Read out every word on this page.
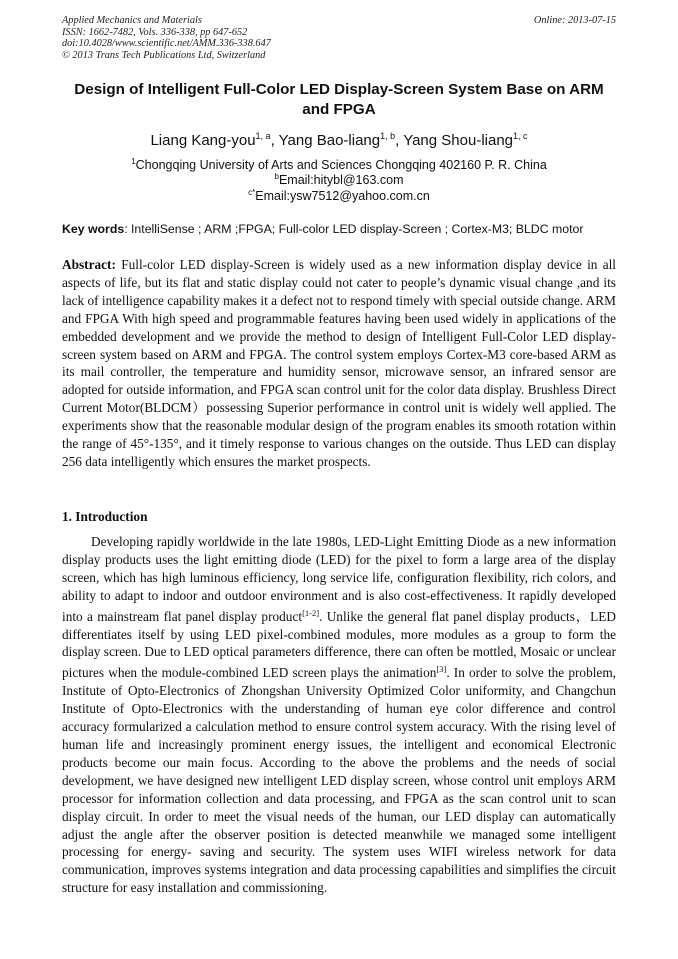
Applied Mechanics and Materials
ISSN: 1662-7482, Vols. 336-338, pp 647-652
doi:10.4028/www.scientific.net/AMM.336-338.647
© 2013 Trans Tech Publications Ltd, Switzerland
Online: 2013-07-15
Design of Intelligent Full-Color LED Display-Screen System Base on ARM and FPGA
Liang Kang-you$^{1, a}$, Yang Bao-liang$^{1, b}$, Yang Shou-liang$^{1, c}$
$^1$Chongqing University of Arts and Sciences Chongqing 402160 P. R. China
$^b$Email:hitybl@163.com
$^{c*}$Email:ysw7512@yahoo.com.cn
Key words: IntelliSense ; ARM ;FPGA; Full-color LED display-Screen ; Cortex-M3; BLDC motor
Abstract: Full-color LED display-Screen is widely used as a new information display device in all aspects of life, but its flat and static display could not cater to people’s dynamic visual change ,and its lack of intelligence capability makes it a defect not to respond timely with special outside change. ARM and FPGA With high speed and programmable features having been used widely in applications of the embedded development and we provide the method to design of Intelligent Full-Color LED display-screen system based on ARM and FPGA. The control system employs Cortex-M3 core-based ARM as its mail controller, the temperature and humidity sensor, microwave sensor, an infrared sensor are adopted for outside information, and FPGA scan control unit for the color data display. Brushless Direct Current Motor(BLDCM）possessing Superior performance in control unit is widely well applied. The experiments show that the reasonable modular design of the program enables its smooth rotation within the range of 45°-135°, and it timely response to various changes on the outside. Thus LED can display 256 data intelligently which ensures the market prospects.
1. Introduction
Developing rapidly worldwide in the late 1980s, LED-Light Emitting Diode as a new information display products uses the light emitting diode (LED) for the pixel to form a large area of the display screen, which has high luminous efficiency, long service life, configuration flexibility, rich colors, and ability to adapt to indoor and outdoor environment and is also cost-effectiveness. It rapidly developed into a mainstream flat panel display product[1-2]. Unlike the general flat panel display products，LED differentiates itself by using LED pixel-combined modules, more modules as a group to form the display screen. Due to LED optical parameters difference, there can often be mottled, Mosaic or unclear pictures when the module-combined LED screen plays the animation[3]. In order to solve the problem, Institute of Opto-Electronics of Zhongshan University Optimized Color uniformity, and Changchun Institute of Opto-Electronics with the understanding of human eye color difference and control accuracy formularized a calculation method to ensure control system accuracy. With the rising level of human life and increasingly prominent energy issues, the intelligent and economical Electronic products become our main focus. According to the above the problems and the needs of social development, we have designed new intelligent LED display screen, whose control unit employs ARM processor for information collection and data processing, and FPGA as the scan control unit to scan display circuit. In order to meet the visual needs of the human, our LED display can automatically adjust the angle after the observer position is detected meanwhile we managed some intelligent processing for energy- saving and security. The system uses WIFI wireless network for data communication, improves systems integration and data processing capabilities and simplifies the circuit structure for easy installation and commissioning.
